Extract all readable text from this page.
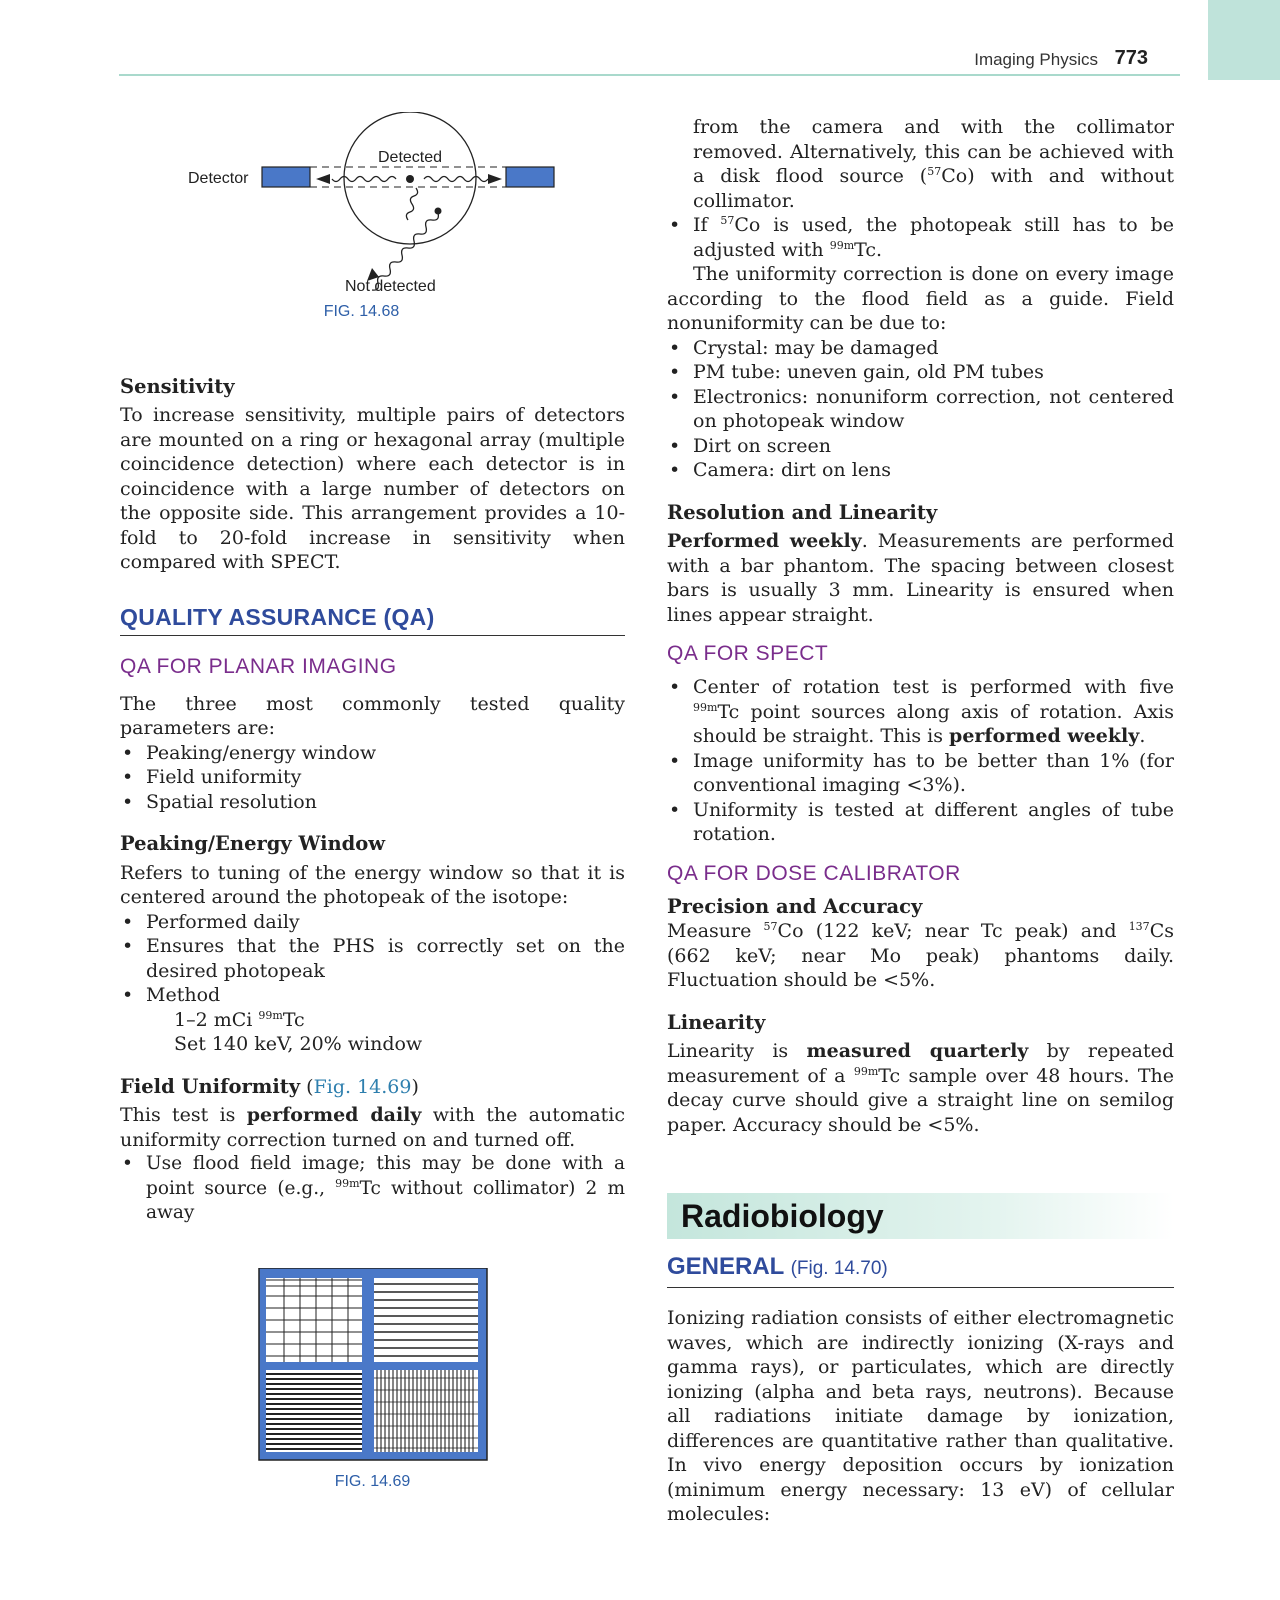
Imaging Physics 773
Detector
Detected
Not detected
FIG. 14.68
Sensitivity

To increase sensitivity, multiple pairs of detectors are mounted on a ring or hexagonal array (multiple coincidence detection) where each detector is in coincidence with a large number of detectors on the opposite side. This arrangement provides a 10-fold to 20-fold increase in sensitivity when compared with SPECT.

QUALITY ASSURANCE (QA)
QA FOR PLANAR IMAGING

The three most commonly tested quality parameters are:

• Peaking/energy window
• Field uniformity
• Spatial resolution
Peaking/Energy Window

Refers to tuning of the energy window so that it is centered around the photopeak of the isotope:

• Performed daily
• Ensures that the PHS is correctly set on the desired photopeak
• Method
1–2 mCi $^{99m}$Tc
Set 140 keV, 20% window
Field Uniformity (Fig. 14.69)

This test is performed daily with the automatic uniformity correction turned on and turned off.

• Use flood field image; this may be done with a point source (e.g., $^{99m}$Tc without collimator) 2 m away
FIG. 14.69

from the camera and with the collimator removed. Alternatively, this can be achieved with a disk flood source ($^{57}$Co) with and without collimator.

• If $^{57}$Co is used, the photopeak still has to be adjusted with $^{99m}$Tc.

The uniformity correction is done on every image according to the flood field as a guide. Field nonuniformity can be due to:

• Crystal: may be damaged
• PM tube: uneven gain, old PM tubes
• Electronics: nonuniform correction, not centered on photopeak window
• Dirt on screen
• Camera: dirt on lens
Resolution and Linearity

Performed weekly. Measurements are performed with a bar phantom. The spacing between closest bars is usually 3 mm. Linearity is ensured when lines appear straight.

QA FOR SPECT
• Center of rotation test is performed with five $^{99m}$Tc point sources along axis of rotation. Axis should be straight. This is performed weekly.
• Image uniformity has to be better than 1% (for conventional imaging <3%).
• Uniformity is tested at different angles of tube rotation.
QA FOR DOSE CALIBRATOR
Precision and Accuracy

Measure $^{57}$Co (122 keV; near Tc peak) and $^{137}$Cs (662 keV; near Mo peak) phantoms daily. Fluctuation should be <5%.

Linearity

Linearity is measured quarterly by repeated measurement of a $^{99m}$Tc sample over 48 hours. The decay curve should give a straight line on semilog paper. Accuracy should be <5%.

Radiobiology
GENERAL (Fig. 14.70)

Ionizing radiation consists of either electromagnetic waves, which are indirectly ionizing (X-rays and gamma rays), or particulates, which are directly ionizing (alpha and beta rays, neutrons). Because all radiations initiate damage by ionization, differences are quantitative rather than qualitative. In vivo energy deposition occurs by ionization (minimum energy necessary: 13 eV) of cellular molecules:
